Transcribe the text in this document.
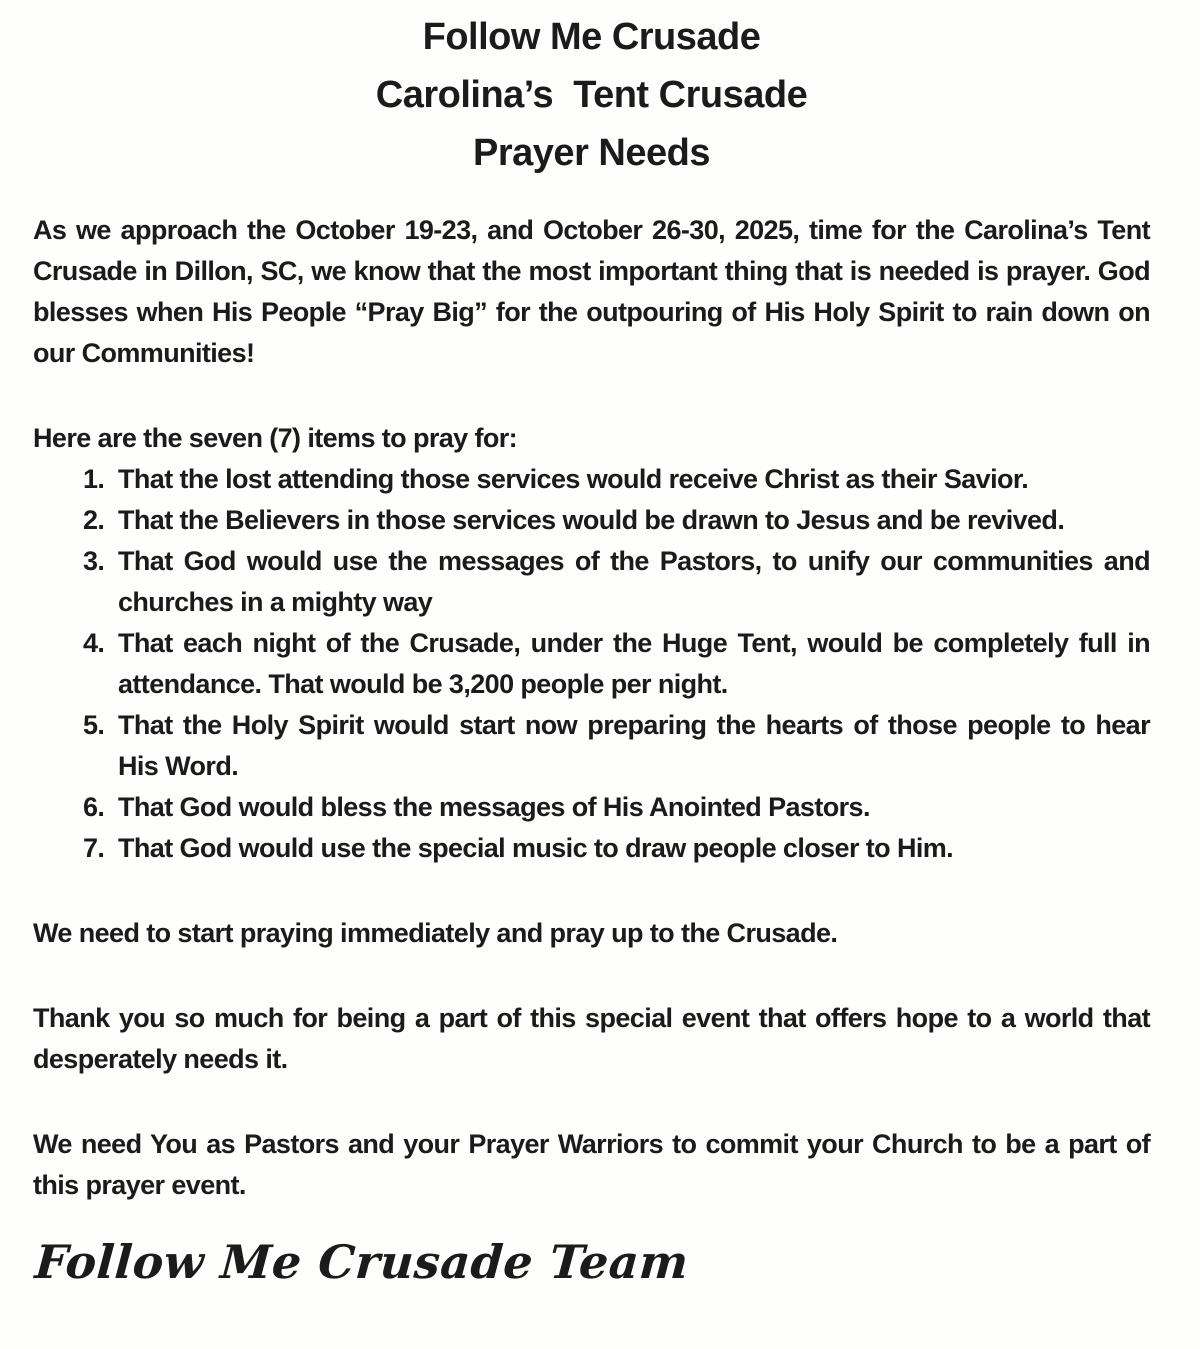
Follow Me Crusade
Carolina’s  Tent Crusade
Prayer Needs

As we approach the October 19-23, and October 26-30, 2025, time for the Carolina’s Tent Crusade in Dillon, SC, we know that the most important thing that is needed is prayer. God blesses when His People “Pray Big” for the outpouring of His Holy Spirit to rain down on our Communities!

Here are the seven (7) items to pray for:
1. That the lost attending those services would receive Christ as their Savior.
2. That the Believers in those services would be drawn to Jesus and be revived.
3. That God would use the messages of the Pastors, to unify our communities and churches in a mighty way
4. That each night of the Crusade, under the Huge Tent, would be completely full in attendance. That would be 3,200 people per night.
5. That the Holy Spirit would start now preparing the hearts of those people to hear His Word.
6. That God would bless the messages of His Anointed Pastors.
7. That God would use the special music to draw people closer to Him.

We need to start praying immediately and pray up to the Crusade.

Thank you so much for being a part of this special event that offers hope to a world that desperately needs it.

We need You as Pastors and your Prayer Warriors to commit your Church to be a part of this prayer event.

Follow Me Crusade Team
